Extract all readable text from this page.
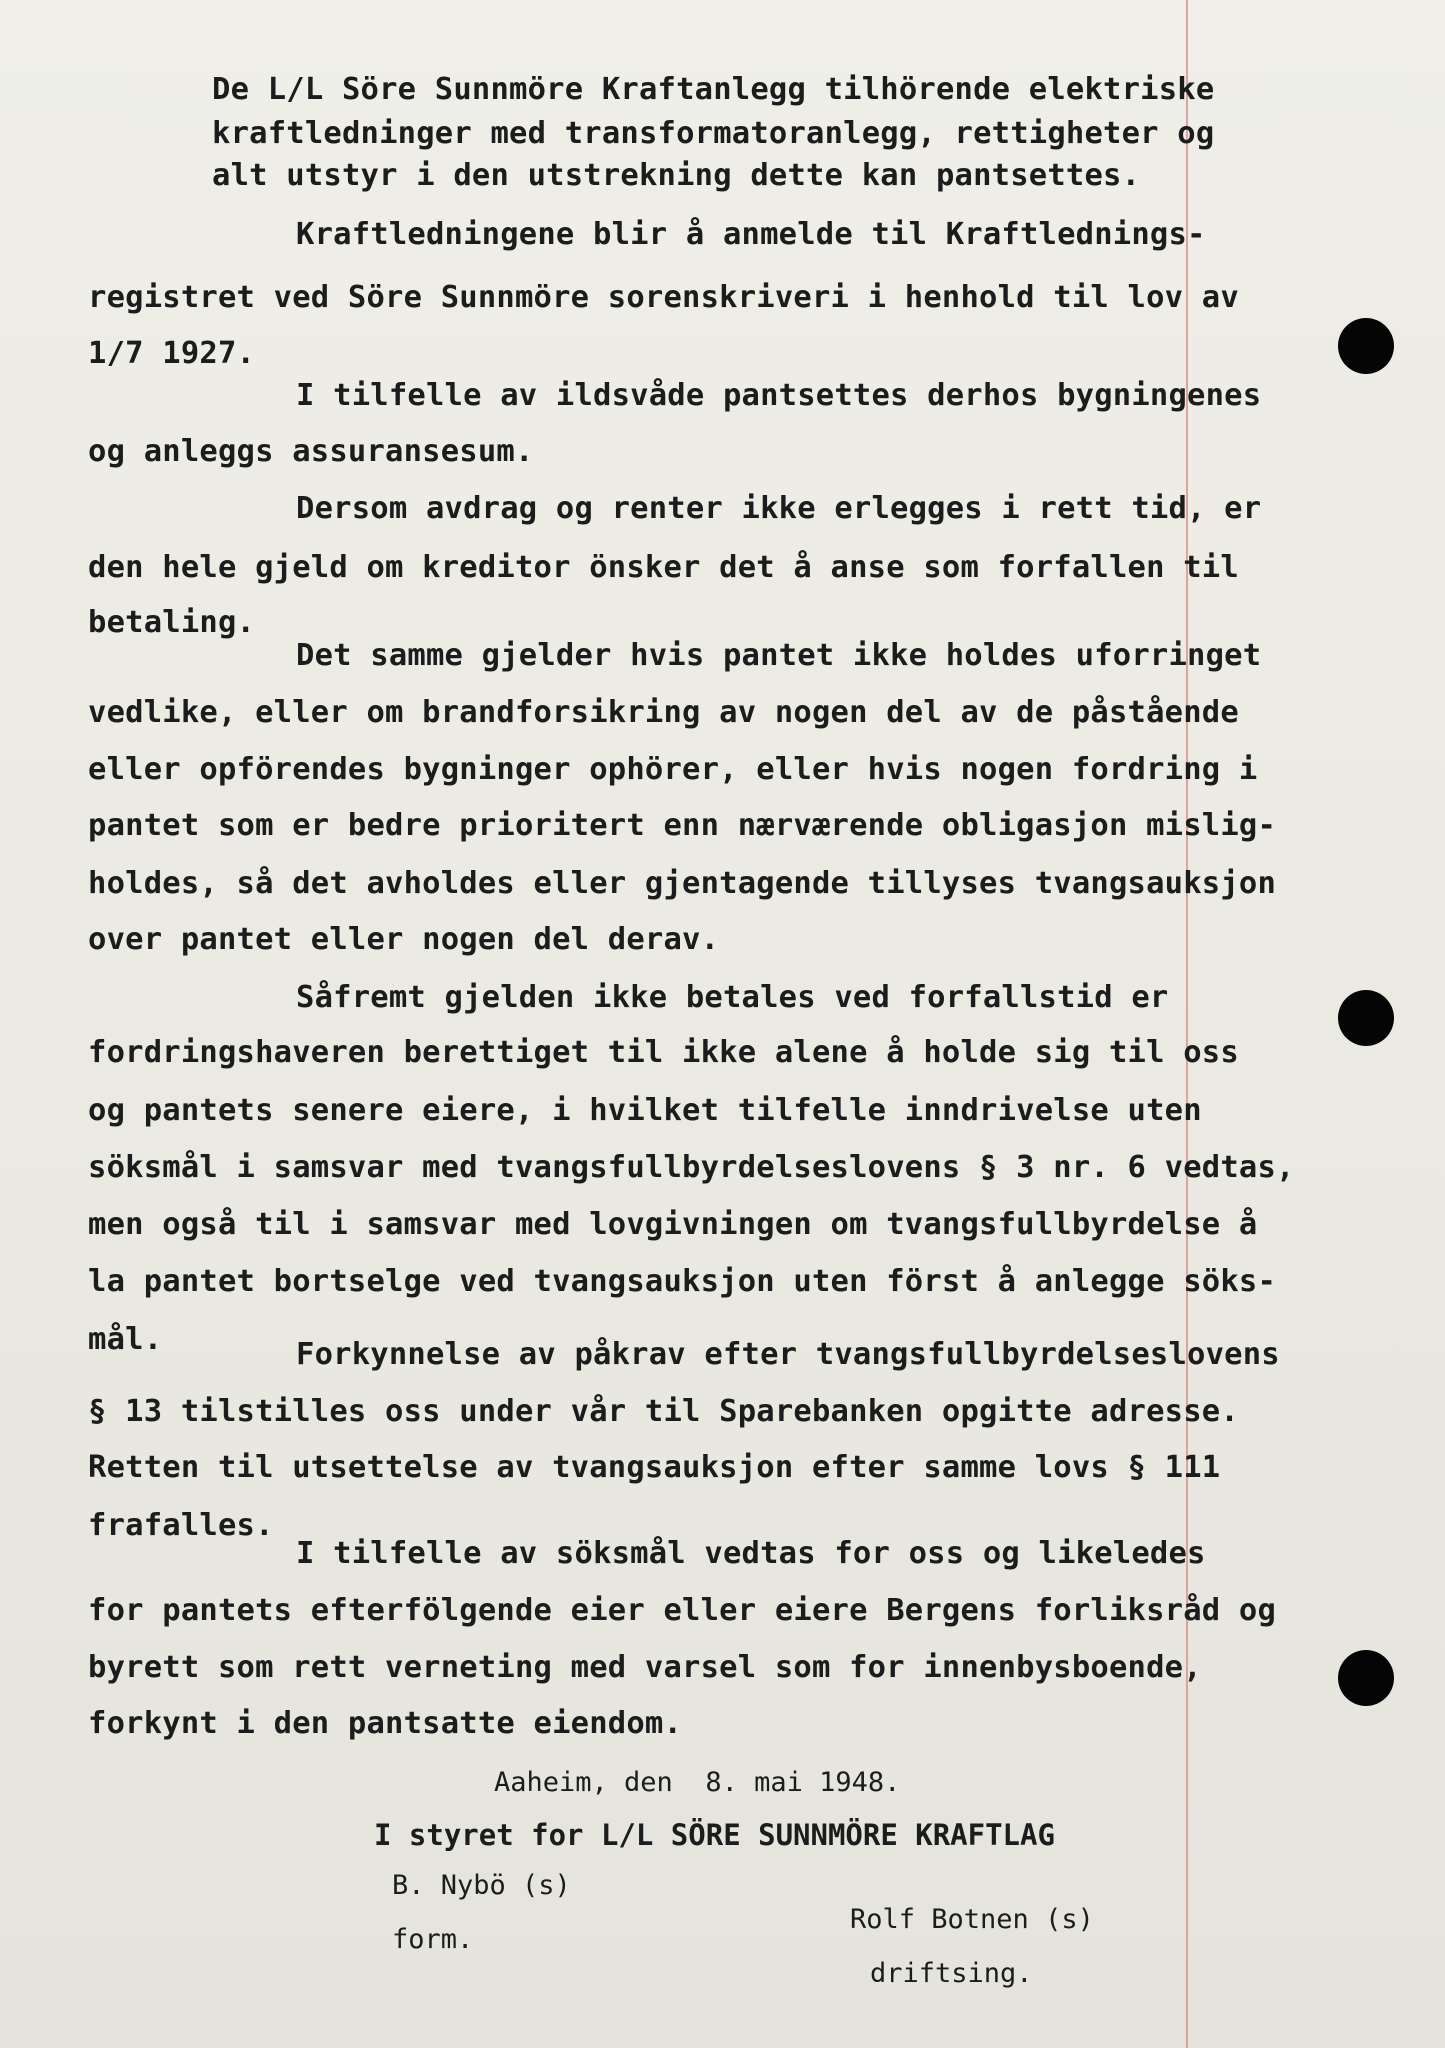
De L/L Söre Sunnmöre Kraftanlegg tilhörende elektriske
kraftledninger med transformatoranlegg, rettigheter og
alt utstyr i den utstrekning dette kan pantsettes.
Kraftledningene blir å anmelde til Kraftlednings-
registret ved Söre Sunnmöre sorenskriveri i henhold til lov av
1/7 1927.
I tilfelle av ildsvåde pantsettes derhos bygningenes
og anleggs assuransesum.
Dersom avdrag og renter ikke erlegges i rett tid, er
den hele gjeld om kreditor önsker det å anse som forfallen til
betaling.
Det samme gjelder hvis pantet ikke holdes uforringet
vedlike, eller om brandforsikring av nogen del av de påstående
eller opförendes bygninger ophörer, eller hvis nogen fordring i
pantet som er bedre prioritert enn nærværende obligasjon mislig-
holdes, så det avholdes eller gjentagende tillyses tvangsauksjon
over pantet eller nogen del derav.
Såfremt gjelden ikke betales ved forfallstid er
fordringshaveren berettiget til ikke alene å holde sig til oss
og pantets senere eiere, i hvilket tilfelle inndrivelse uten
söksmål i samsvar med tvangsfullbyrdelseslovens § 3 nr. 6 vedtas,
men også til i samsvar med lovgivningen om tvangsfullbyrdelse å
la pantet bortselge ved tvangsauksjon uten först å anlegge söks-
mål.	Forkynnelse av påkrav efter tvangsfullbyrdelseslovens
§ 13 tilstilles oss under vår til Sparebanken opgitte adresse.
Retten til utsettelse av tvangsauksjon efter samme lovs § 111
frafalles.
I tilfelle av söksmål vedtas for oss og likeledes
for pantets efterfölgende eier eller eiere Bergens forliksråd og
byrett som rett verneting med varsel som for innenbysboende,
forkynt i den pantsatte eiendom.
Aaheim, den  8. mai 1948.
I styret for L/L SÖRE SUNNMÖRE KRAFTLAG
B. Nybö (s)
Rolf Botnen (s)
form.
driftsing.
